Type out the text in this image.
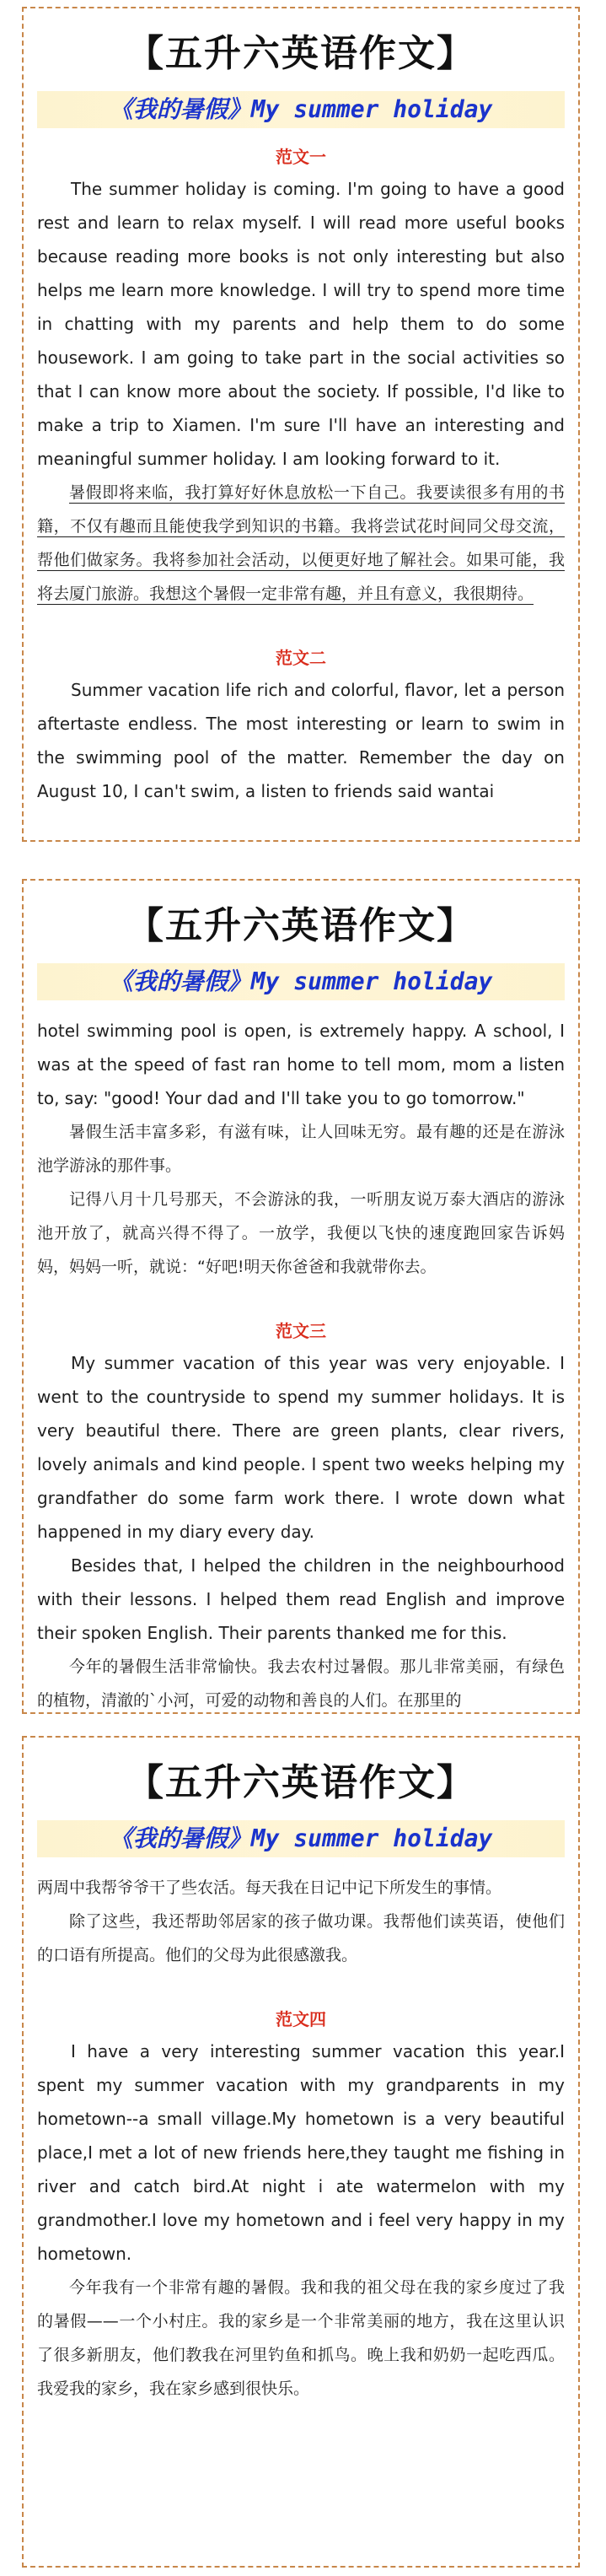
【五升六英语作文】
《我的暑假》My summer holiday

范文一

The summer holiday is coming. I'm going to have a good rest and learn to relax myself. I will read more useful books because reading more books is not only interesting but also helps me learn more knowledge. I will try to spend more time in chatting with my parents and help them to do some housework. I am going to take part in the social activities so that I can know more about the society. If possible, I'd like to make a trip to Xiamen. I'm sure I'll have an interesting and meaningful summer holiday. I am looking forward to it.

暑假即将来临，我打算好好休息放松一下自己。我要读很多有用的书籍，不仅有趣而且能使我学到知识的书籍。我将尝试花时间同父母交流，帮他们做家务。我将参加社会活动，以便更好地了解社会。如果可能，我将去厦门旅游。我想这个暑假一定非常有趣，并且有意义，我很期待。

范文二

Summer vacation life rich and colorful, flavor, let a person aftertaste endless. The most interesting or learn to swim in the swimming pool of the matter. Remember the day on August 10, I can't swim, a listen to friends said wantai

【五升六英语作文】
《我的暑假》My summer holiday

hotel swimming pool is open, is extremely happy. A school, I was at the speed of fast ran home to tell mom, mom a listen to, say: "good! Your dad and I'll take you to go tomorrow."

暑假生活丰富多彩，有滋有味，让人回味无穷。最有趣的还是在游泳池学游泳的那件事。

记得八月十几号那天，不会游泳的我，一听朋友说万泰大酒店的游泳池开放了，就高兴得不得了。一放学，我便以飞快的速度跑回家告诉妈妈，妈妈一听，就说：“好吧!明天你爸爸和我就带你去。

范文三

My summer vacation of this year was very enjoyable. I went to the countryside to spend my summer holidays. It is very beautiful there. There are green plants, clear rivers, lovely animals and kind people. I spent two weeks helping my grandfather do some farm work there. I wrote down what happened in my diary every day.

Besides that, I helped the children in the neighbourhood with their lessons. I helped them read English and improve their spoken English. Their parents thanked me for this.

今年的暑假生活非常愉快。我去农村过暑假。那儿非常美丽，有绿色的植物，清澈的`小河，可爱的动物和善良的人们。在那里的

【五升六英语作文】
《我的暑假》My summer holiday

两周中我帮爷爷干了些农活。每天我在日记中记下所发生的事情。

除了这些，我还帮助邻居家的孩子做功课。我帮他们读英语，使他们的口语有所提高。他们的父母为此很感激我。

范文四

I have a very interesting summer vacation this year.I spent my summer vacation with my grandparents in my hometown--a small village.My hometown is a very beautiful place,I met a lot of new friends here,they taught me fishing in river and catch bird.At night i ate watermelon with my grandmother.I love my hometown and i feel very happy in my hometown.

今年我有一个非常有趣的暑假。我和我的祖父母在我的家乡度过了我的暑假——一个小村庄。我的家乡是一个非常美丽的地方，我在这里认识了很多新朋友，他们教我在河里钓鱼和抓鸟。晚上我和奶奶一起吃西瓜。我爱我的家乡，我在家乡感到很快乐。
